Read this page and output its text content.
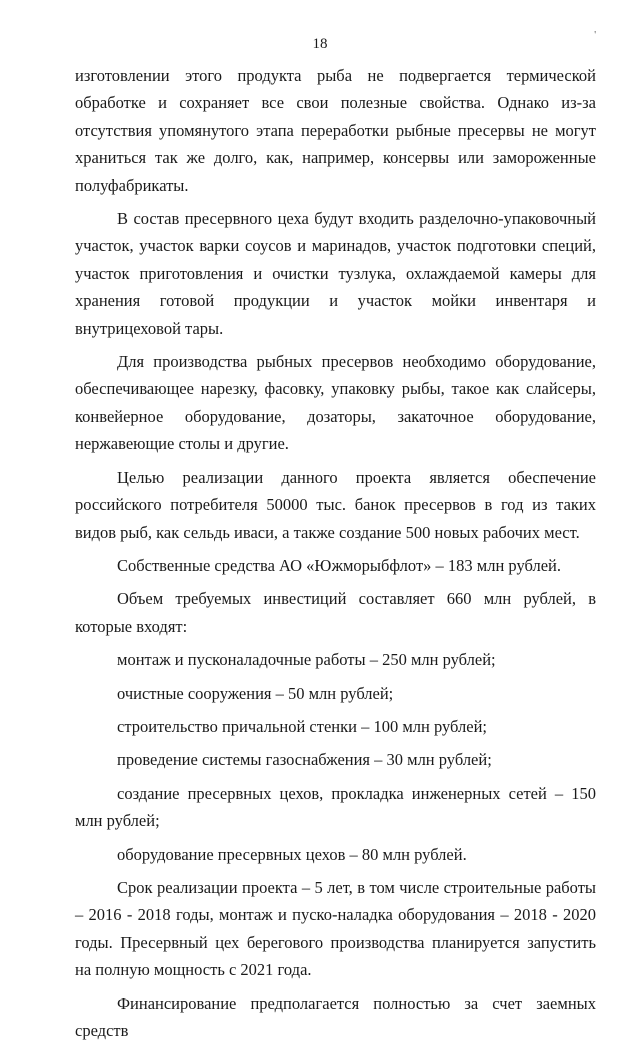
18
'

изготовлении этого продукта рыба не подвергается термической обработке и сохраняет все свои полезные свойства. Однако из-за отсутствия упомянутого этапа переработки рыбные пресервы не могут храниться так же долго, как, например, консервы или замороженные полуфабрикаты.

В состав пресервного цеха будут входить разделочно-упаковочный участок, участок варки соусов и маринадов, участок подготовки специй, участок приготовления и очистки тузлука, охлаждаемой камеры для хранения готовой продукции и участок мойки инвентаря и внутрицеховой тары.

Для производства рыбных пресервов необходимо оборудование, обеспечивающее нарезку, фасовку, упаковку рыбы, такое как слайсеры, конвейерное оборудование, дозаторы, закаточное оборудование, нержавеющие столы и другие.

Целью реализации данного проекта является обеспечение российского потребителя 50000 тыс. банок пресервов в год из таких видов рыб, как сельдь иваси, а также создание 500 новых рабочих мест.

Собственные средства АО «Южморыбфлот» – 183 млн рублей.

Объем требуемых инвестиций составляет 660 млн рублей, в которые входят:

монтаж и пусконаладочные работы – 250 млн рублей;

очистные сооружения – 50 млн рублей;

строительство причальной стенки – 100 млн рублей;

проведение системы газоснабжения – 30 млн рублей;

создание пресервных цехов, прокладка инженерных сетей – 150 млн рублей;

оборудование пресервных цехов – 80 млн рублей.

Срок реализации проекта – 5 лет, в том числе строительные работы – 2016 - 2018 годы, монтаж и пуско-наладка оборудования – 2018 - 2020 годы. Пресервный цех берегового производства планируется запустить на полную мощность с 2021 года.

Финансирование предполагается полностью за счет заемных средств
